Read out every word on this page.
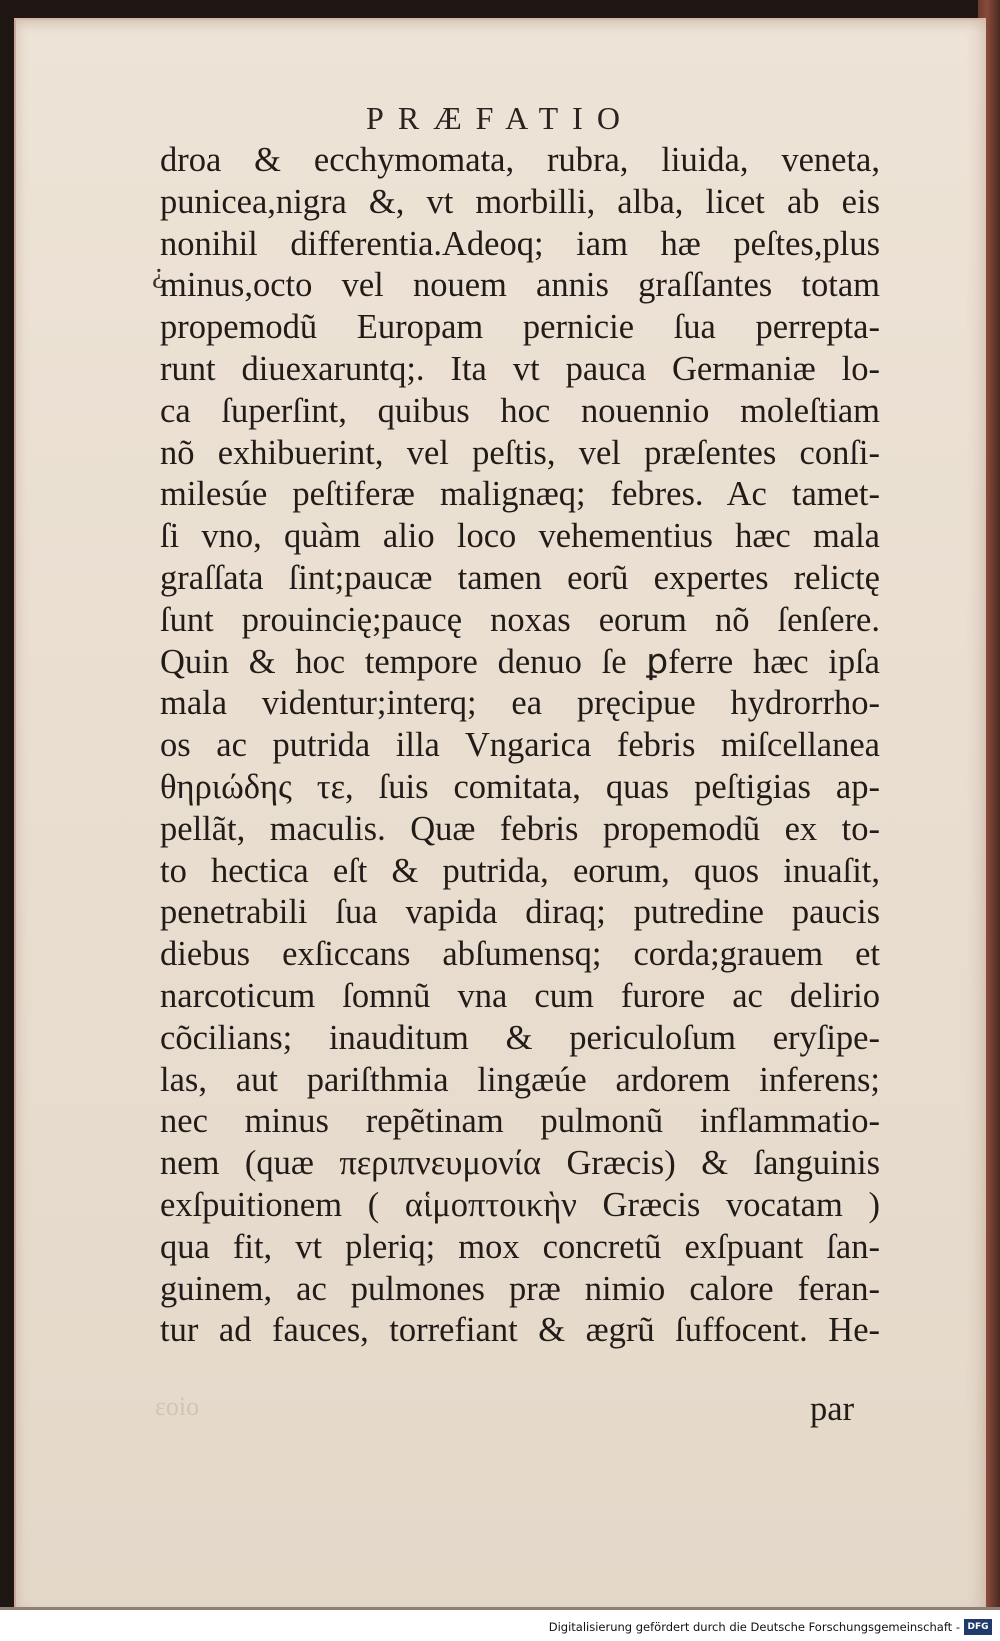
PRÆFATIO
¿
droa & ecchymomata, rubra, liuida, veneta,
punicea,nigra &, vt morbilli, alba, licet ab eis
nonihil differentia.Adeoq; iam hæ peſtes,plus
minus,octo vel nouem annis graſſantes totam
propemodũ Europam pernicie ſua perrepta-
runt diuexaruntq;. Ita vt pauca Germaniæ lo-
ca ſuperſint, quibus hoc nouennio moleſtiam
nõ exhibuerint, vel peſtis, vel præſentes conſi-
milesúe peſtiferæ malignæq; febres. Ac tamet-
ſi vno, quàm alio loco vehementius hæc mala
graſſata ſint;paucæ tamen eorũ expertes relictę
ſunt prouincię;paucę noxas eorum nõ ſenſere.
Quin & hoc tempore denuo ſe ꝑferre hæc ipſa
mala videntur;interq; ea pręcipue hydrorrho-
os ac putrida illa Vngarica febris miſcellanea
θηριώδης τε, ſuis comitata, quas peſtigias ap-
pellãt, maculis. Quæ febris propemodũ ex to-
to hectica eſt & putrida, eorum, quos inuaſit,
penetrabili ſua vapida diraq; putredine paucis
diebus exſiccans abſumensq; corda;grauem et
narcoticum ſomnũ vna cum furore ac delirio
cõcilians; inauditum & periculoſum eryſipe-
las, aut pariſthmia lingæúe ardorem inferens;
nec minus repẽtinam pulmonũ inflammatio-
nem (quæ περιπνευμονία Græcis) & ſanguinis
exſpuitionem ( αἱμοπτοικὴν Græcis vocatam )
qua fit, vt pleriq; mox concretũ exſpuant ſan-
guinem, ac pulmones præ nimio calore feran-
tur ad fauces, torrefiant & ægrũ ſuffocent. He-
ɛoio	par
Digitalisierung gefördert durch die Deutsche Forschungsgemeinschaft - DFG
